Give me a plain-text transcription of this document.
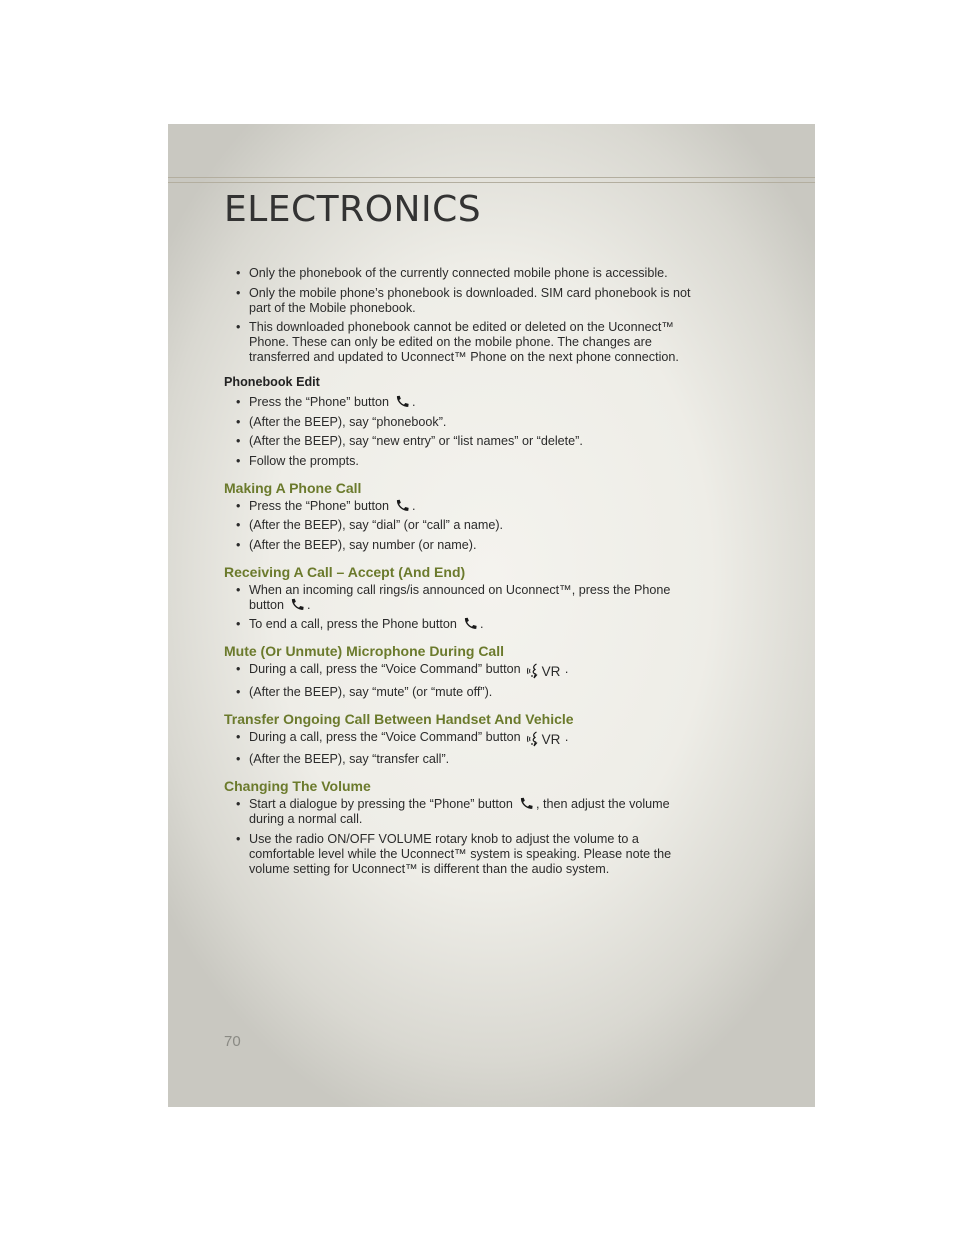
ELECTRONICS
• Only the phonebook of the currently connected mobile phone is accessible.
• Only the mobile phone’s phonebook is downloaded. SIM card phonebook is not part of the Mobile phonebook.
• This downloaded phonebook cannot be edited or deleted on the Uconnect™ Phone. These can only be edited on the mobile phone. The changes are transferred and updated to Uconnect™ Phone on the next phone connection.
Phonebook Edit
• Press the “Phone” button .
• (After the BEEP), say “phonebook”.
• (After the BEEP), say “new entry” or “list names” or “delete”.
• Follow the prompts.
Making A Phone Call
• Press the “Phone” button .
• (After the BEEP), say “dial” (or “call” a name).
• (After the BEEP), say number (or name).
Receiving A Call – Accept (And End)
• When an incoming call rings/is announced on Uconnect™, press the Phone button .
• To end a call, press the Phone button .
Mute (Or Unmute) Microphone During Call
• During a call, press the “Voice Command” button VR .
• (After the BEEP), say “mute” (or “mute off”).
Transfer Ongoing Call Between Handset And Vehicle
• During a call, press the “Voice Command” button VR .
• (After the BEEP), say “transfer call”.
Changing The Volume
• Start a dialogue by pressing the “Phone” button , then adjust the volume during a normal call.
• Use the radio ON/OFF VOLUME rotary knob to adjust the volume to a comfortable level while the Uconnect™ system is speaking. Please note the volume setting for Uconnect™ is different than the audio system.
70
